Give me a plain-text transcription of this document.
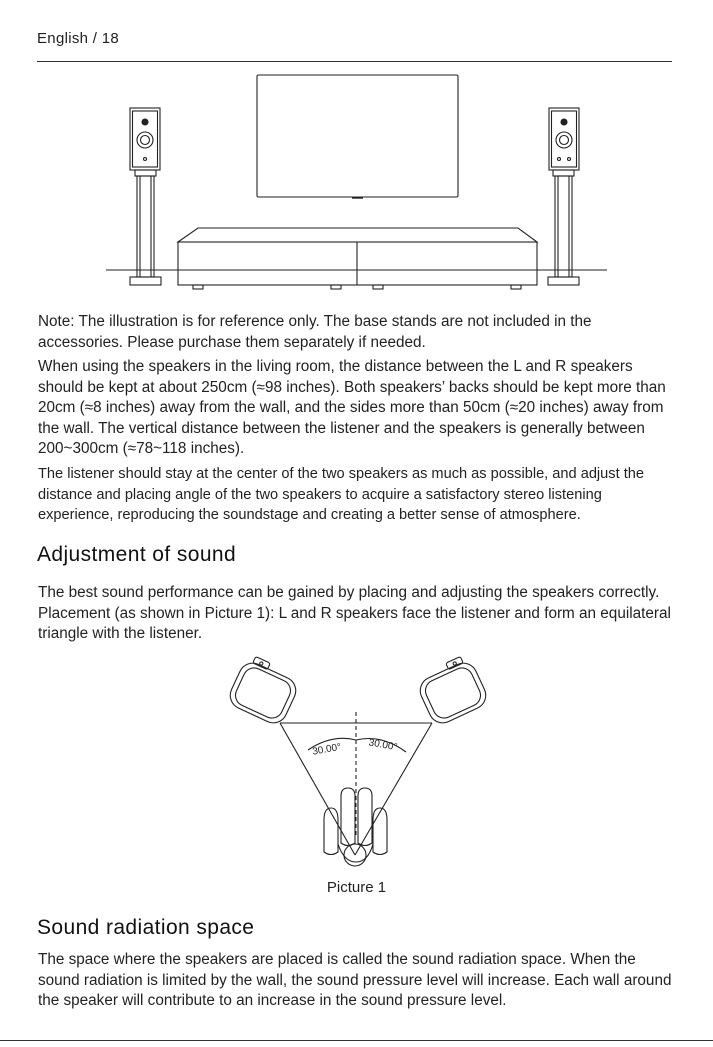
English / 18

Note: The illustration is for reference only. The base stands are not included in the accessories. Please purchase them separately if needed.

When using the speakers in the living room, the distance between the L and R speakers should be kept at about 250cm (≈98 inches). Both speakers’ backs should be kept more than 20cm (≈8 inches) away from the wall, and the sides more than 50cm (≈20 inches) away from the wall. The vertical distance between the listener and the speakers is generally between 200~300cm (≈78~118 inches).

The listener should stay at the center of the two speakers as much as possible, and adjust the distance and placing angle of the two speakers to acquire a satisfactory stereo listening experience, reproducing the soundstage and creating a better sense of atmosphere.

Adjustment of sound

The best sound performance can be gained by placing and adjusting the speakers correctly. Placement (as shown in Picture 1): L and R speakers face the listener and form an equilateral triangle with the listener.

30.00°	30.00°
Picture 1
Sound radiation space

The space where the speakers are placed is called the sound radiation space. When the sound radiation is limited by the wall, the sound pressure level will increase. Each wall around the speaker will contribute to an increase in the sound pressure level.
